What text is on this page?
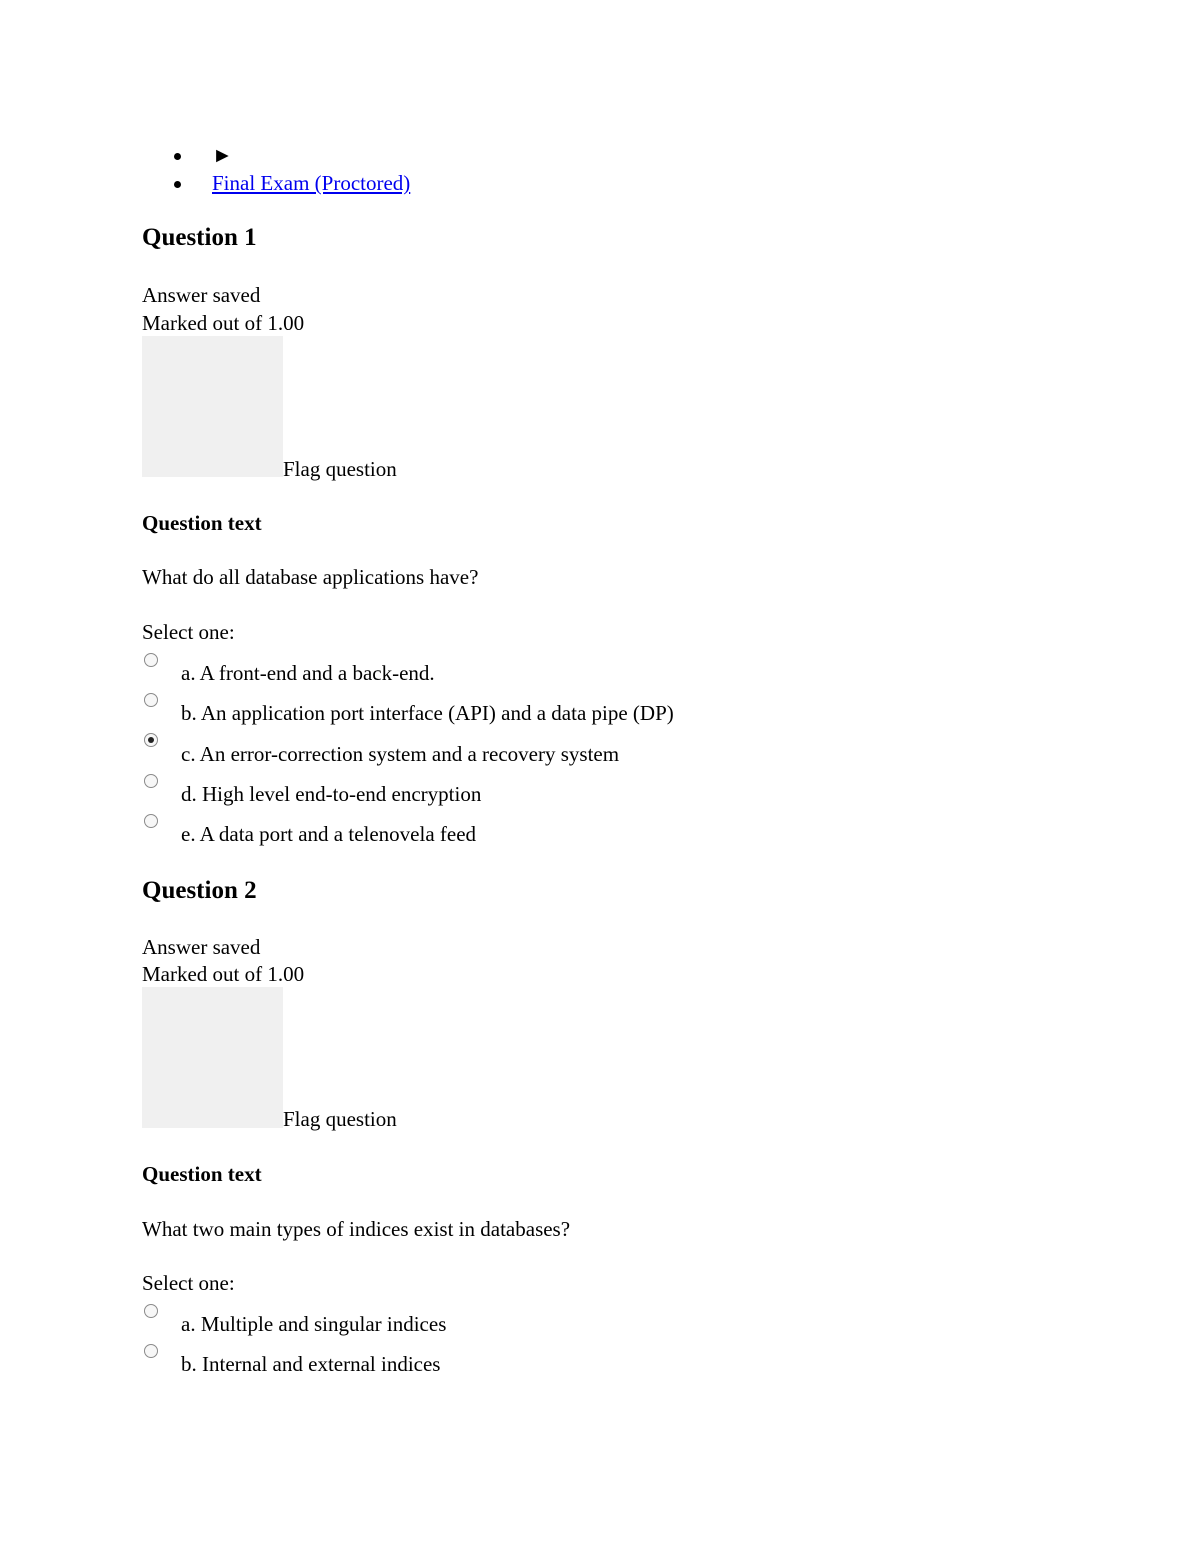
►
Final Exam (Proctored)
Question 1
Answer saved
Marked out of 1.00
Flag question
Question text
What do all database applications have?
Select one:
a. A front-end and a back-end.
b. An application port interface (API) and a data pipe (DP)
c. An error-correction system and a recovery system
d. High level end-to-end encryption
e. A data port and a telenovela feed
Question 2
Answer saved
Marked out of 1.00
Flag question
Question text
What two main types of indices exist in databases?
Select one:
a. Multiple and singular indices
b. Internal and external indices
